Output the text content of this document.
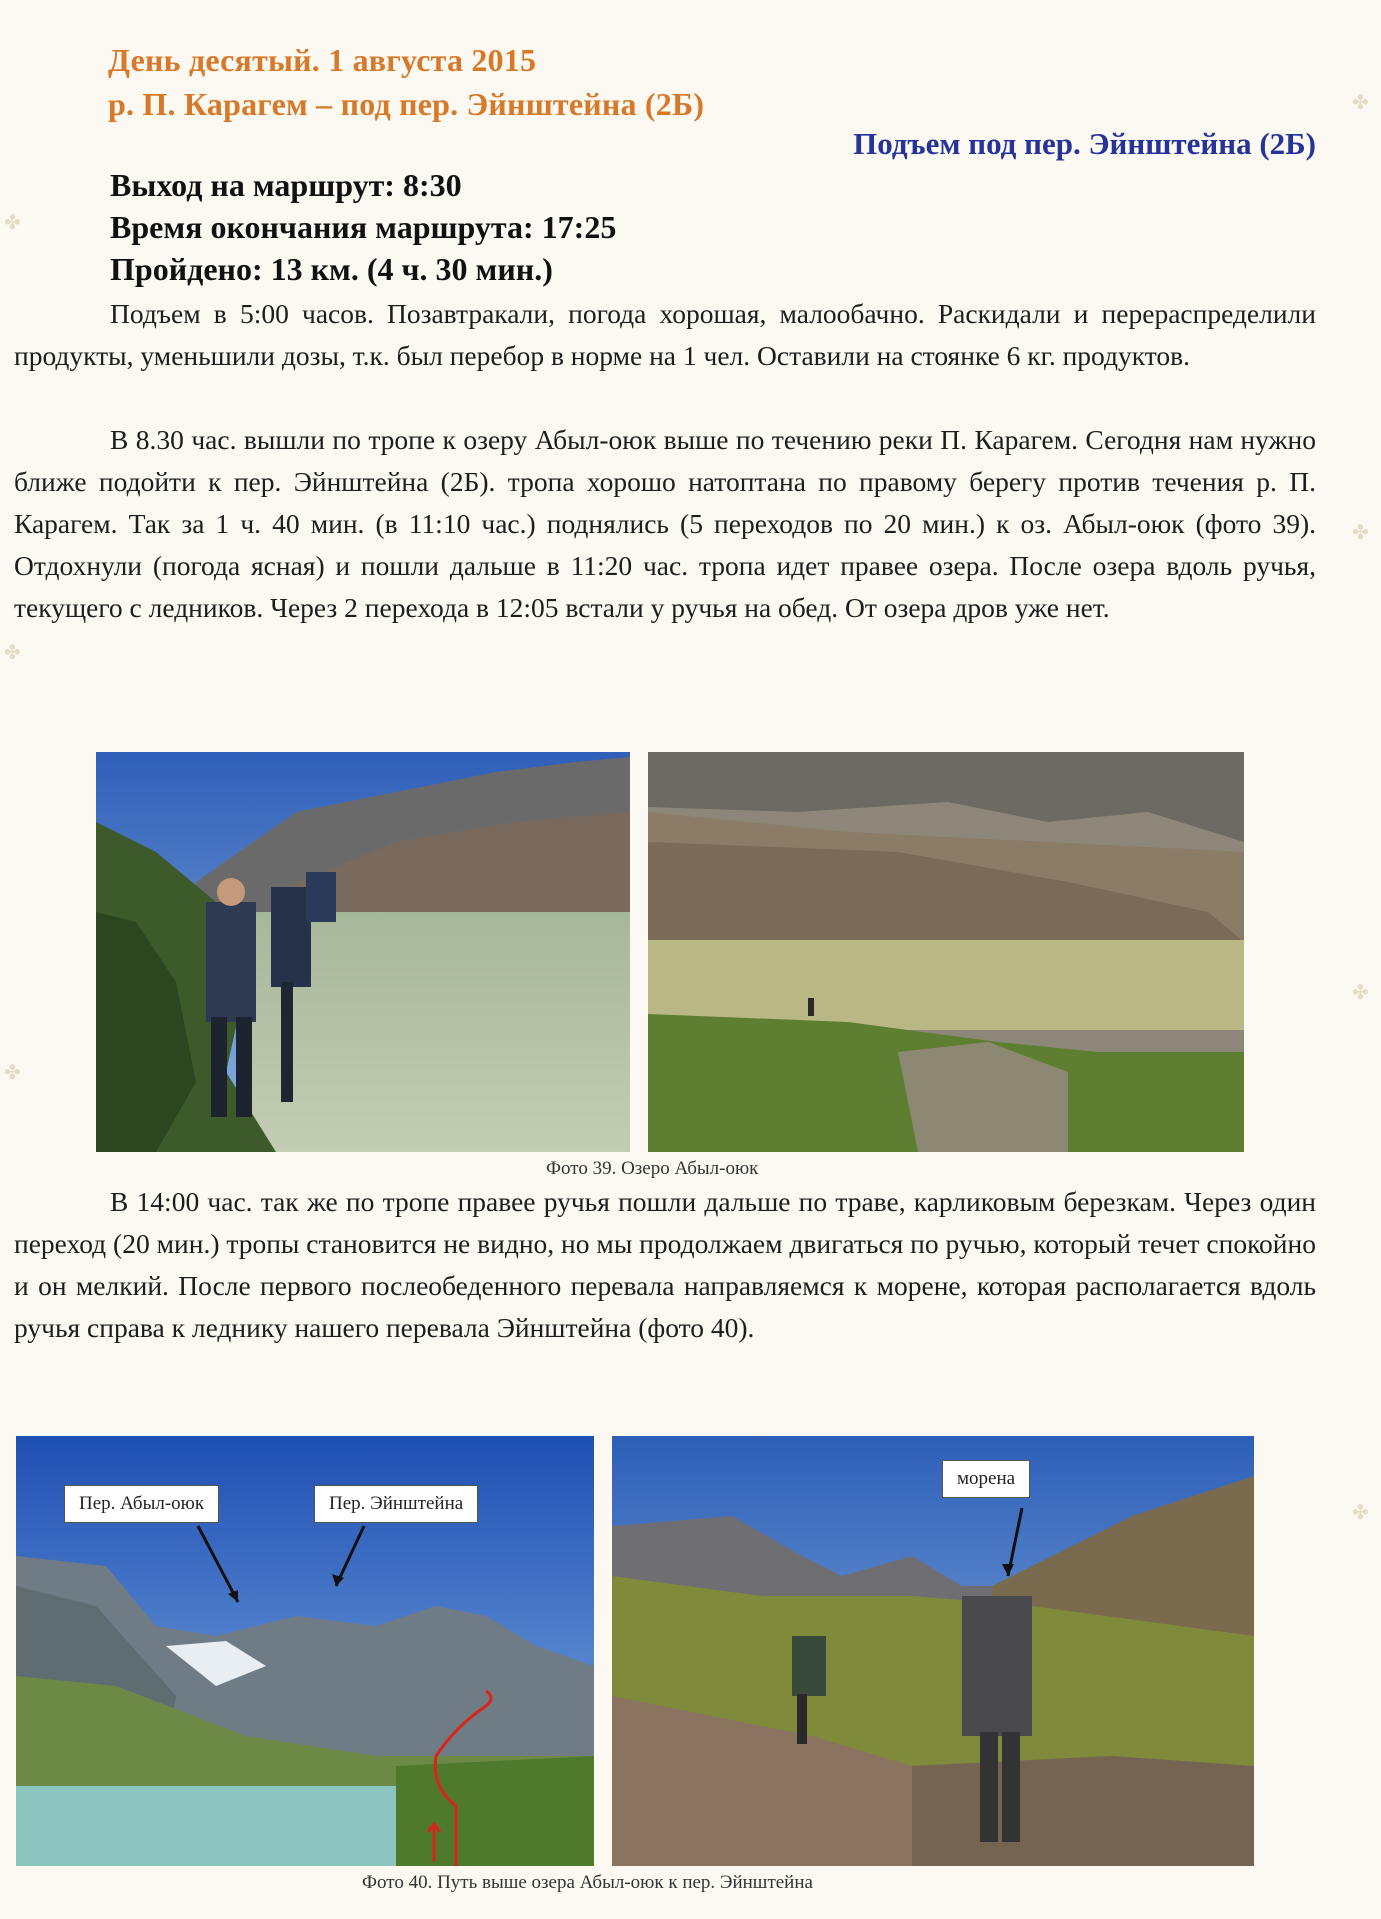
✤
✤
✤
✤
✤
✤
✤
День десятый. 1 августа 2015
р. П. Карагем – под пер. Эйнштейна (2Б)
Подъем под пер. Эйнштейна (2Б)
Выход на маршрут: 8:30
Время окончания маршрута: 17:25
Пройдено: 13 км. (4 ч. 30 мин.)

Подъем в 5:00 часов. Позавтракали, погода хорошая, малообачно. Раскидали и перераспределили продукты, уменьшили дозы, т.к. был перебор в норме на 1 чел. Оставили на стоянке 6 кг. продуктов.

В 8.30 час. вышли по тропе к озеру Абыл-оюк выше по течению реки П. Карагем. Сегодня нам нужно ближе подойти к пер. Эйнштейна (2Б). тропа хорошо натоптана по правому берегу против течения р. П. Карагем. Так за 1 ч. 40 мин. (в 11:10 час.) поднялись (5 переходов по 20 мин.) к оз. Абыл-оюк (фото 39). Отдохнули (погода ясная) и пошли дальше в 11:20 час. тропа идет правее озера. После озера вдоль ручья, текущего с ледников. Через 2 перехода в 12:05 встали у ручья на обед. От озера дров уже нет.

Фото 39. Озеро Абыл-оюк

В 14:00 час. так же по тропе правее ручья пошли дальше по траве, карликовым березкам. Через один переход (20 мин.) тропы становится не видно, но мы продолжаем двигаться по ручью, который течет спокойно и он мелкий. После первого послеобеденного перевала направляемся к морене, которая располагается вдоль ручья справа к леднику нашего перевала Эйнштейна (фото 40).

Пер. Абыл-оюк	Пер. Эйнштейна
морена
Фото 40. Путь выше озера Абыл-оюк к пер. Эйнштейна
